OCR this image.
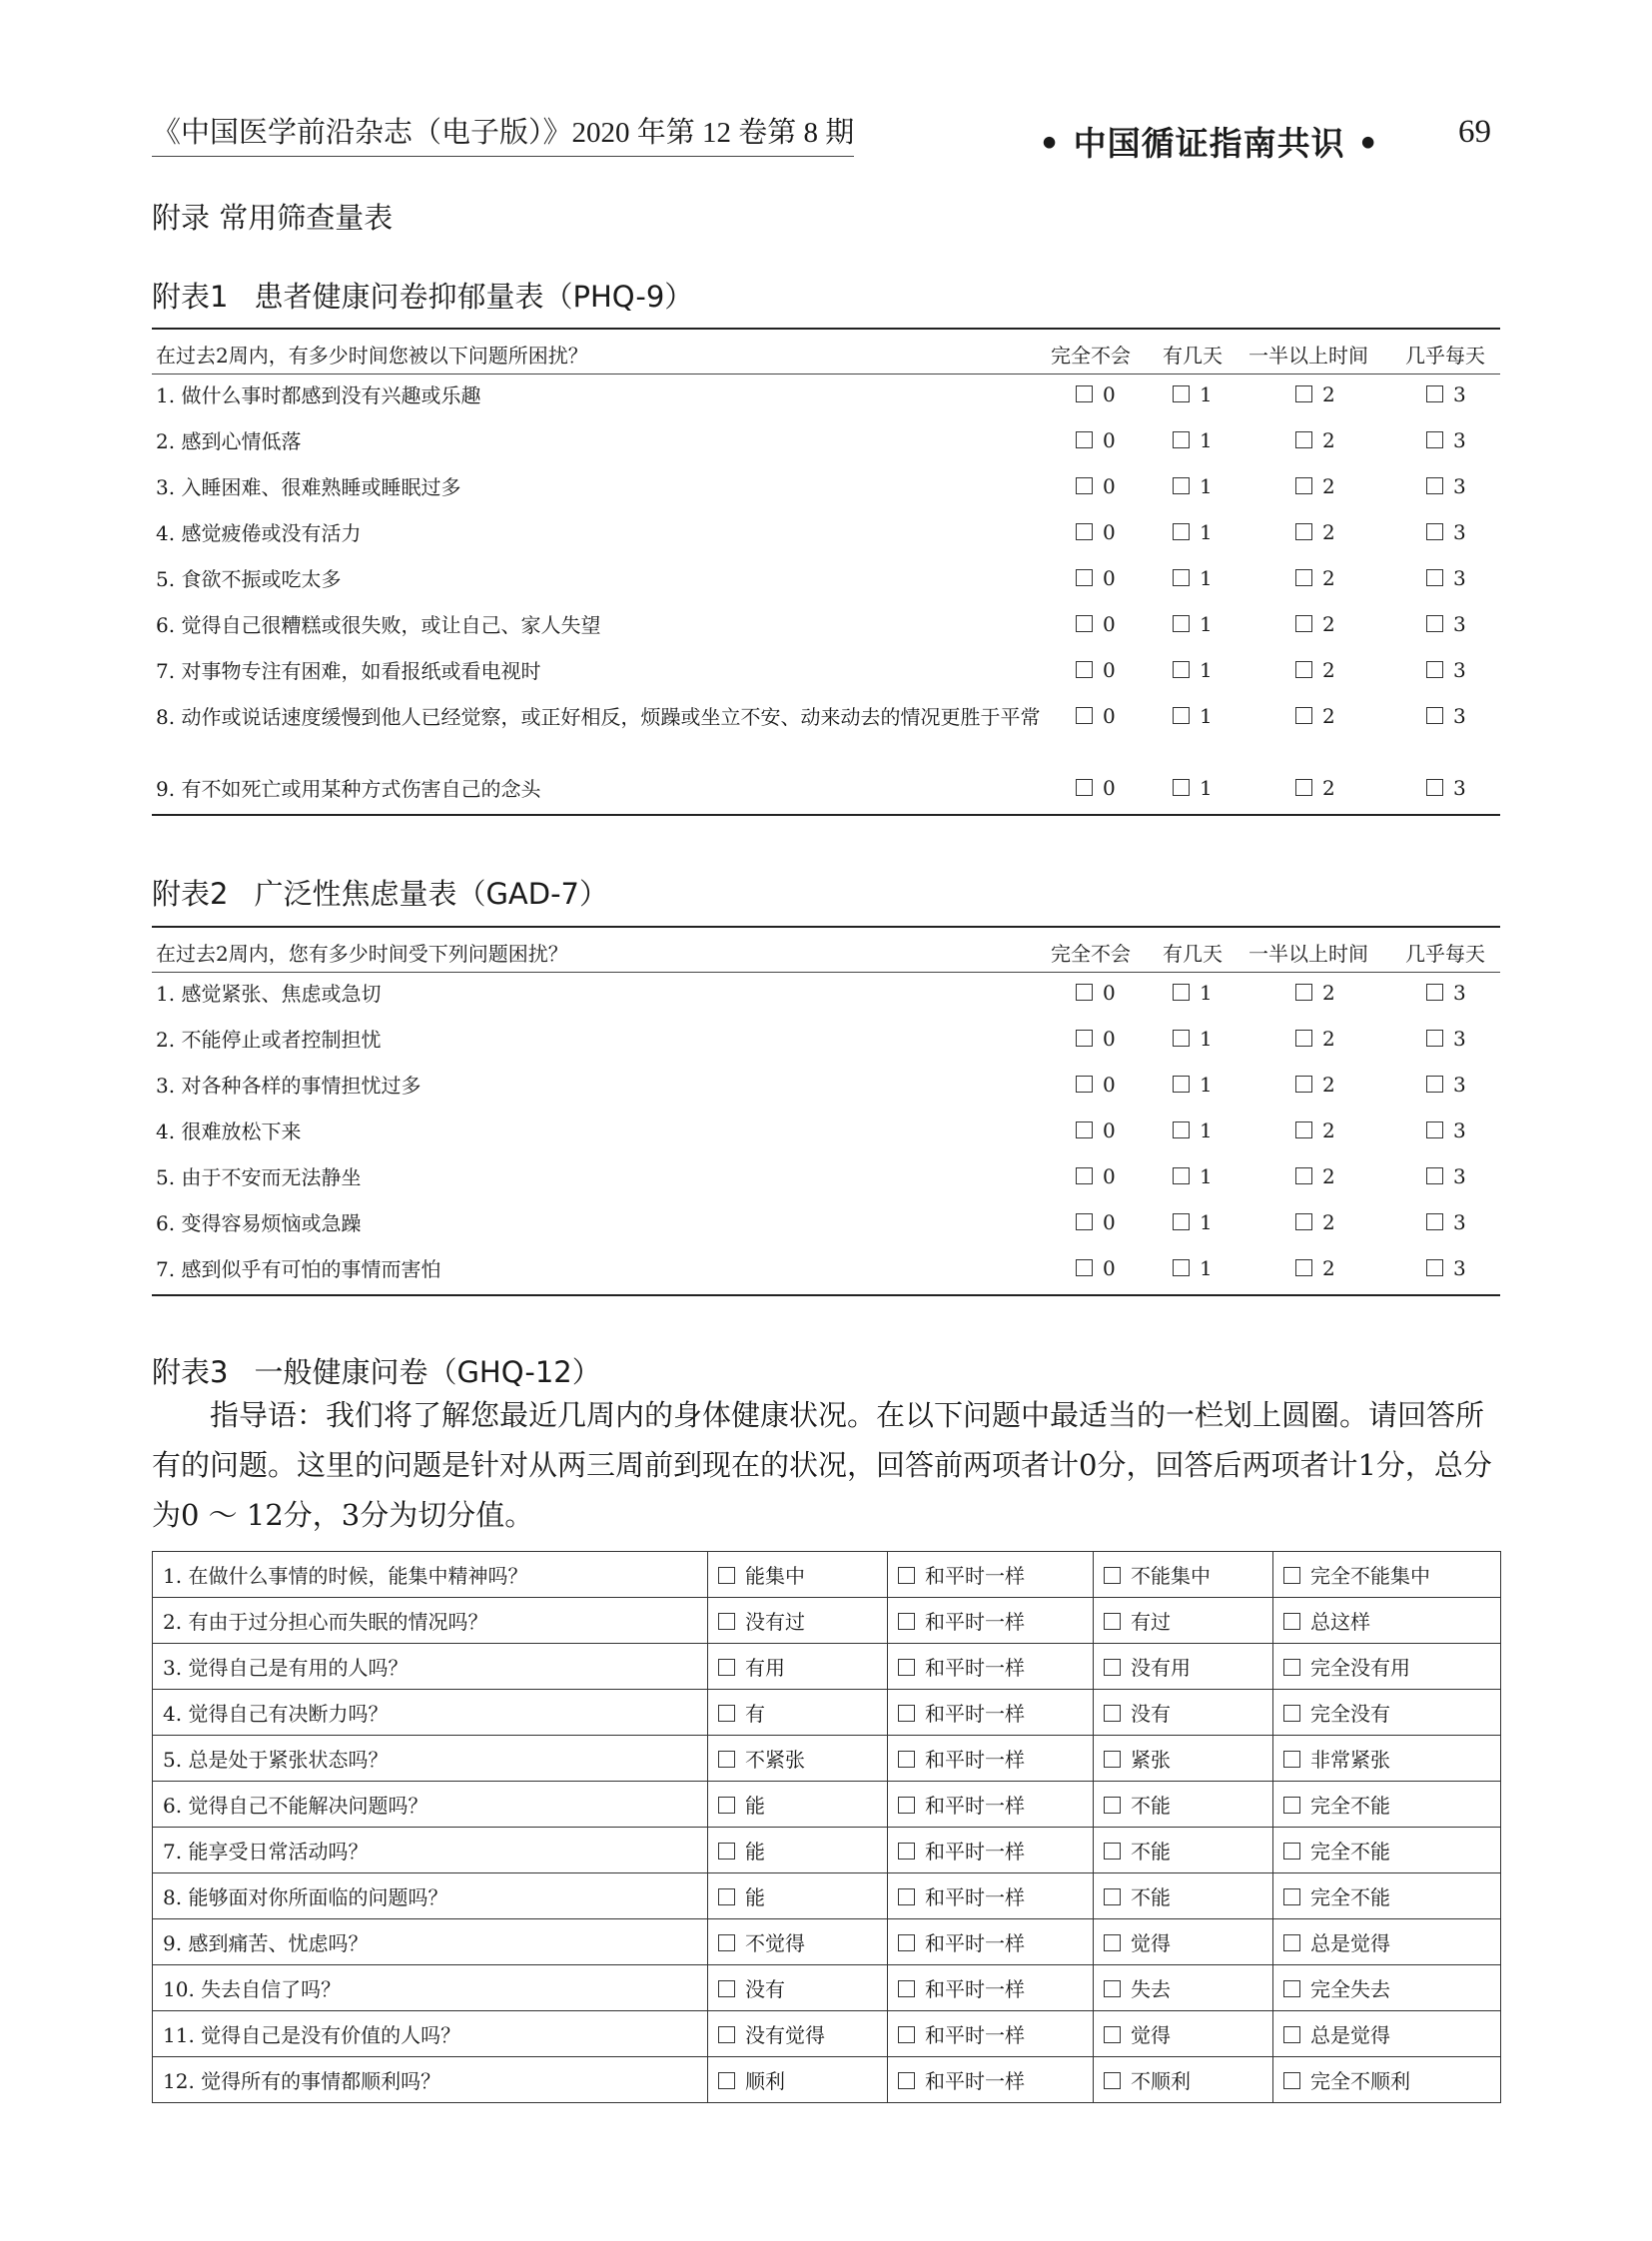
《中国医学前沿杂志（电子版）》2020 年第 12 卷第 8 期	• 中国循证指南共识 • 69
附录 常用筛查量表
附表1 患者健康问卷抑郁量表（PHQ-9）
在过去2周内，有多少时间您被以下问题所困扰？	完全不会 有几天 一半以上时间 几乎每天
1. 做什么事时都感到没有兴趣或乐趣	0	1	2	3
2. 感到心情低落	0	1	2	3
3. 入睡困难、很难熟睡或睡眠过多	0	1	2	3
4. 感觉疲倦或没有活力	0	1	2	3
5. 食欲不振或吃太多	0	1	2	3
6. 觉得自己很糟糕或很失败，或让自己、家人失望	0	1	2	3
7. 对事物专注有困难，如看报纸或看电视时	0	1	2	3
8. 动作或说话速度缓慢到他人已经觉察，或正好相反，烦躁或坐立不安、动来动去的情况更胜于平常	0	1	2	3
9. 有不如死亡或用某种方式伤害自己的念头	0	1	2	3
附表2 广泛性焦虑量表（GAD-7）
在过去2周内，您有多少时间受下列问题困扰？	完全不会 有几天 一半以上时间 几乎每天
1. 感觉紧张、焦虑或急切	0	1	2	3
2. 不能停止或者控制担忧	0	1	2	3
3. 对各种各样的事情担忧过多	0	1	2	3
4. 很难放松下来	0	1	2	3
5. 由于不安而无法静坐	0	1	2	3
6. 变得容易烦恼或急躁	0	1	2	3
7. 感到似乎有可怕的事情而害怕	0	1	2	3
附表3 一般健康问卷（GHQ-12）

指导语：我们将了解您最近几周内的身体健康状况。在以下问题中最适当的一栏划上圆圈。请回答所

有的问题。这里的问题是针对从两三周前到现在的状况，回答前两项者计0分，回答后两项者计1分，总分

为0 ～ 12分，3分为切分值。

1. 在做什么事情的时候，能集中精神吗？	能集中	和平时一样	不能集中	完全不能集中
2. 有由于过分担心而失眠的情况吗？	没有过	和平时一样	有过	总这样
3. 觉得自己是有用的人吗？	有用	和平时一样	没有用	完全没有用
4. 觉得自己有决断力吗？	有	和平时一样	没有	完全没有
5. 总是处于紧张状态吗？	不紧张	和平时一样	紧张	非常紧张
6. 觉得自己不能解决问题吗？	能	和平时一样	不能	完全不能
7. 能享受日常活动吗？	能	和平时一样	不能	完全不能
8. 能够面对你所面临的问题吗？	能	和平时一样	不能	完全不能
9. 感到痛苦、忧虑吗？	不觉得	和平时一样	觉得	总是觉得
10. 失去自信了吗？	没有	和平时一样	失去	完全失去
11. 觉得自己是没有价值的人吗？	没有觉得	和平时一样	觉得	总是觉得
12. 觉得所有的事情都顺利吗？	顺利	和平时一样	不顺利	完全不顺利
